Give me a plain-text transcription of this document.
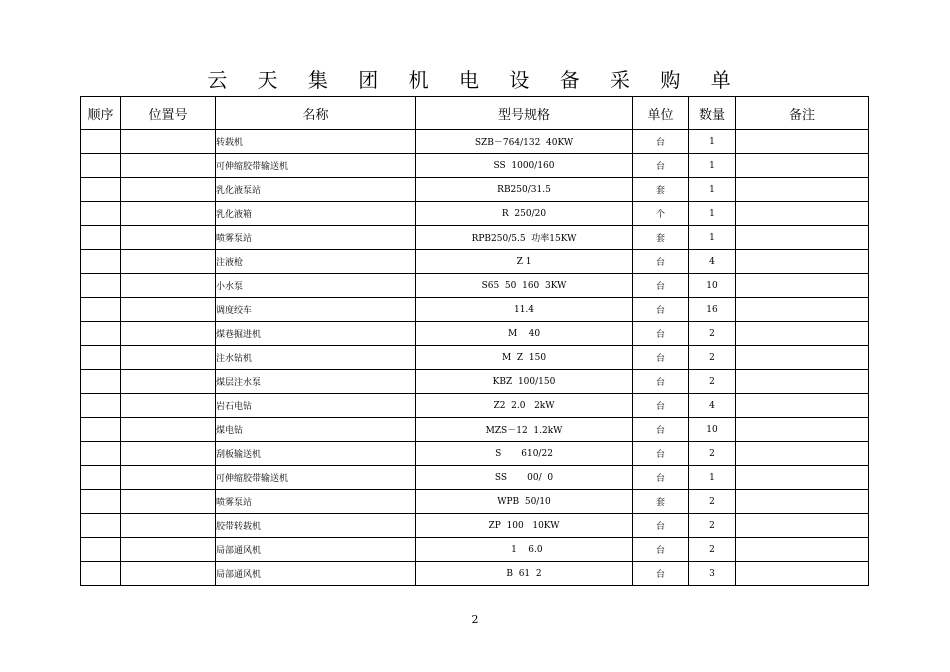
云 天 集 团 机 电 设 备 采 购 单
顺序	位置号	名称	型号规格	单位	数量	备注
		转载机	SZB－764/132  40KW	台	1	
		可伸缩胶带输送机	SS  1000/160	台	1	
		乳化液泵站	RB250/31.5	套	1	
		乳化液箱	R  250/20	个	1	
		喷雾泵站	RPB250/5.5  功率15KW	套	1	
		注液枪	Z 1	台	4	
		小水泵	S65  50  160  3KW	台	10	
		调度绞车	11.4	台	16	
		煤巷掘进机	M    40	台	2	
		注水钻机	M  Z  150	台	2	
		煤层注水泵	KBZ  100/150	台	2	
		岩石电钻	Z2  2.0   2kW	台	4	
		煤电钻	MZS－12  1.2kW	台	10	
		刮板输送机	S       610/22	台	2	
		可伸缩胶带输送机	SS       00/  0	台	1	
		喷雾泵站	WPB  50/10	套	2	
		胶带转载机	ZP  100   10KW	台	2	
		局部通风机	1    6.0	台	2	
		局部通风机	B  61  2	台	3	
2
